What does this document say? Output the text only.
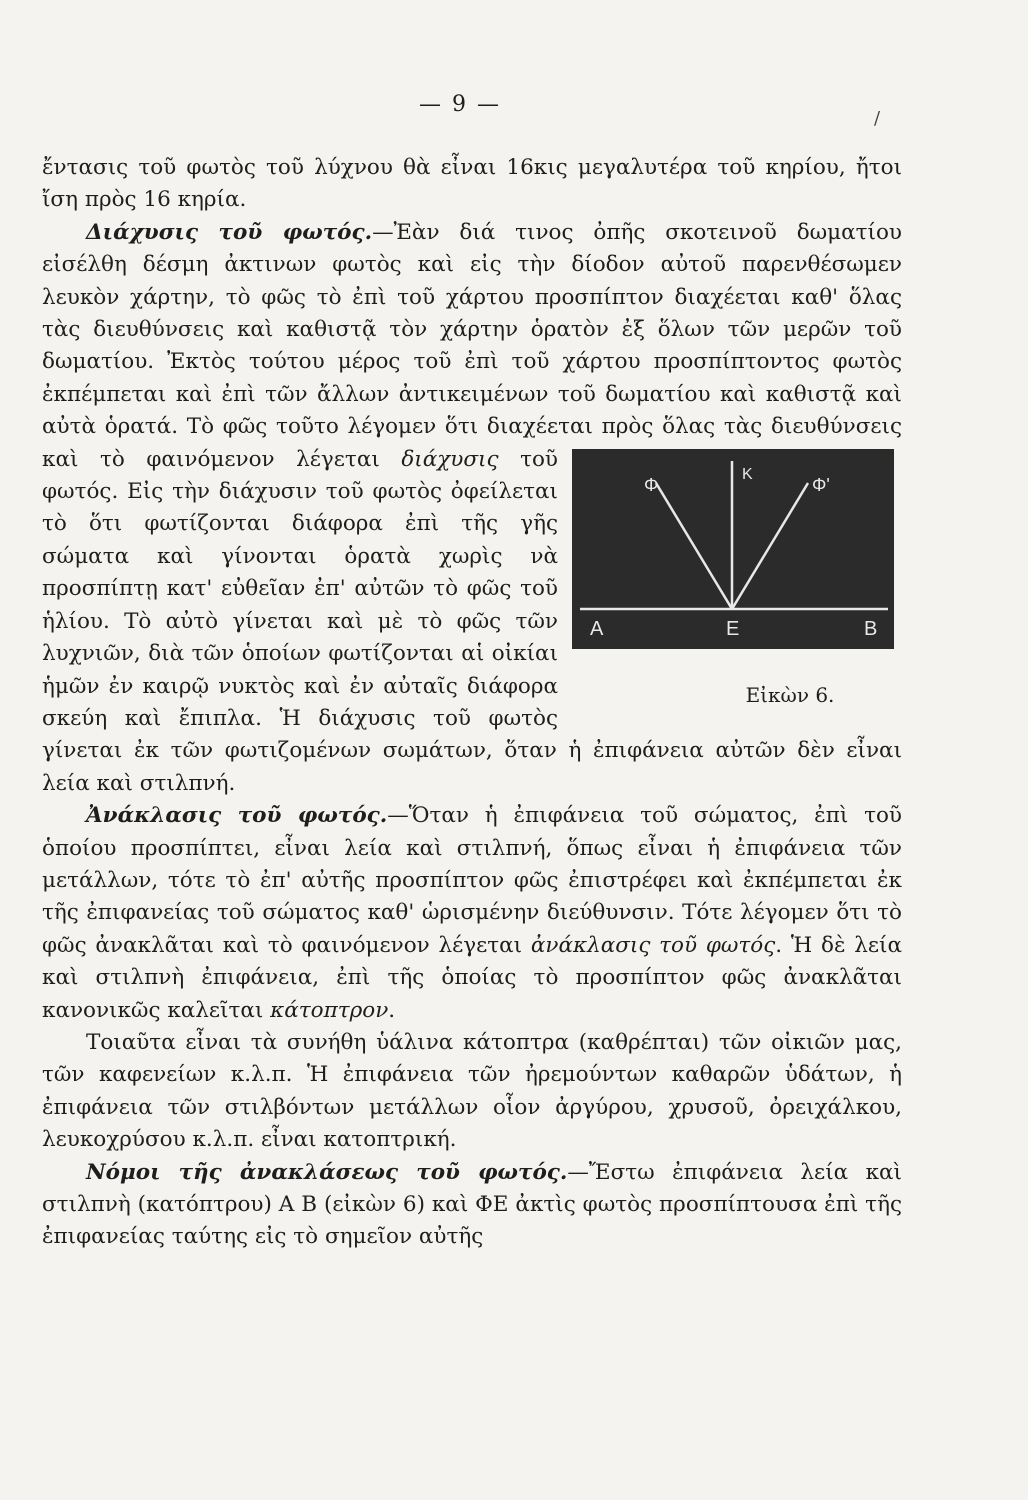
— 9 —
/

ἔντασις τοῦ φωτὸς τοῦ λύχνου θὰ εἶναι 16κις μεγαλυτέρα τοῦ κηρίου, ἤτοι ἴση πρὸς 16 κηρία.

Διάχυσις τοῦ φωτός.—Ἐὰν διά τινος ὀπῆς σκοτεινοῦ δωματίου εἰσέλθη δέσμη ἀκτινων φωτὸς καὶ εἰς τὴν δίοδον αὐτοῦ παρενθέσωμεν λευκὸν χάρτην, τὸ φῶς τὸ ἐπὶ τοῦ χάρτου προσπίπτον διαχέεται καθ' ὅλας τὰς διευθύνσεις καὶ καθιστᾷ τὸν χάρτην ὁρατὸν ἐξ ὅλων τῶν μερῶν τοῦ δωματίου. Ἐκτὸς τούτου μέρος τοῦ ἐπὶ τοῦ χάρτου προσπίπτοντος φωτὸς ἐκπέμπεται καὶ ἐπὶ τῶν ἄλλων ἀντικειμένων τοῦ δωματίου καὶ καθιστᾷ καὶ αὐτὰ ὁρατά. Τὸ φῶς τοῦτο λέγομεν ὅτι διαχέεται πρὸς ὅλας τὰς διευθύνσεις καὶ τὸ φαινόμενον λέγεται διάχυσις
Φ
Κ
Φ'
Α	Ε	Β
Εἰκὼν 6.
τοῦ φωτός. Εἰς τὴν διάχυσιν τοῦ φωτὸς ὀφείλεται τὸ ὅτι φωτίζονται διάφορα ἐπὶ τῆς γῆς σώματα καὶ γίνονται ὁρατὰ χωρὶς νὰ προσπίπτῃ κατ' εὐθεῖαν ἐπ' αὐτῶν τὸ φῶς τοῦ ἡλίου. Τὸ αὐτὸ γίνεται καὶ μὲ τὸ φῶς τῶν λυχνιῶν, διὰ τῶν ὁποίων φωτίζονται αἱ οἰκίαι ἡμῶν ἐν καιρῷ νυκτὸς καὶ ἐν αὐταῖς διάφορα σκεύη καὶ ἔπιπλα. Ἡ διάχυσις τοῦ φωτὸς γίνεται ἐκ τῶν φωτιζομένων σωμάτων, ὅταν ἡ ἐπιφάνεια αὐτῶν δὲν εἶναι λεία καὶ στιλπνή.

Ἀνάκλασις τοῦ φωτός.—Ὅταν ἡ ἐπιφάνεια τοῦ σώματος, ἐπὶ τοῦ ὁποίου προσπίπτει, εἶναι λεία καὶ στιλπνή, ὅπως εἶναι ἡ ἐπιφάνεια τῶν μετάλλων, τότε τὸ ἐπ' αὐτῆς προσπίπτον φῶς ἐπιστρέφει καὶ ἐκπέμπεται ἐκ τῆς ἐπιφανείας τοῦ σώματος καθ' ὡρισμένην διεύθυνσιν. Τότε λέγομεν ὅτι τὸ φῶς ἀνακλᾶται καὶ τὸ φαινόμενον λέγεται ἀνάκλασις τοῦ φωτός. Ἡ δὲ λεία καὶ στιλπνὴ ἐπιφάνεια, ἐπὶ τῆς ὁποίας τὸ προσπίπτον φῶς ἀνακλᾶται κανονικῶς καλεῖται κάτοπτρον.

Τοιαῦτα εἶναι τὰ συνήθη ὑάλινα κάτοπτρα (καθρέπται) τῶν οἰκιῶν μας, τῶν καφενείων κ.λ.π. Ἡ ἐπιφάνεια τῶν ἠρεμούντων καθαρῶν ὑδάτων, ἡ ἐπιφάνεια τῶν στιλβόντων μετάλλων οἷον ἀργύρου, χρυσοῦ, ὀρειχάλκου, λευκοχρύσου κ.λ.π. εἶναι κατοπτρική.

Νόμοι τῆς ἀνακλάσεως τοῦ φωτός.—Ἔστω ἐπιφάνεια λεία καὶ στιλπνὴ (κατόπτρου) Α Β (εἰκὼν 6) καὶ ΦΕ ἀκτὶς φωτὸς προσπίπτουσα ἐπὶ τῆς ἐπιφανείας ταύτης εἰς τὸ σημεῖον αὐτῆς
